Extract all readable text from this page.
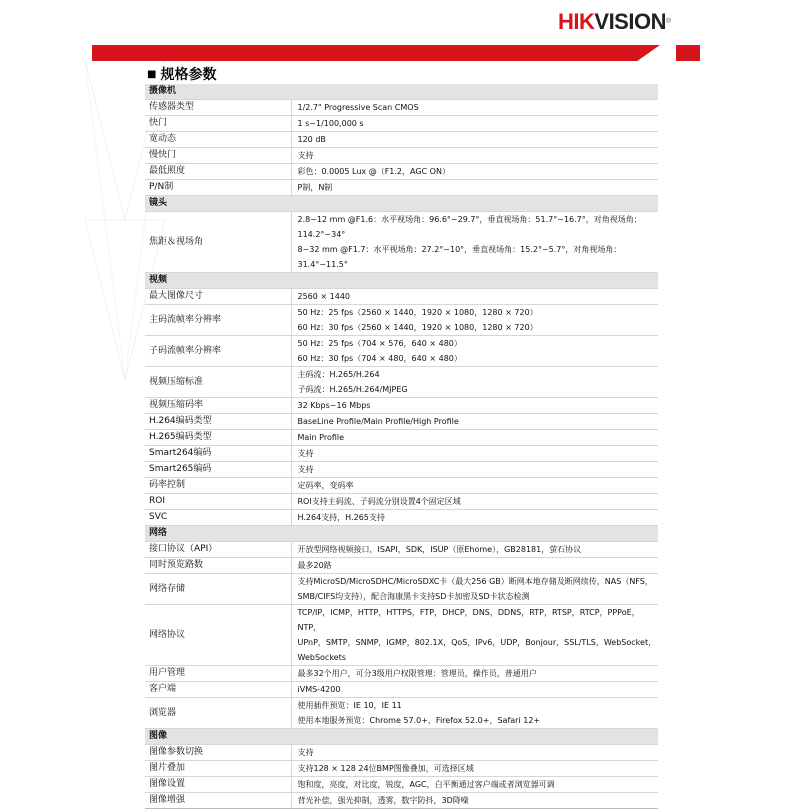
HIKVISION®
■ 规格参数
摄像机	
传感器类型	1/2.7" Progressive Scan CMOS
快门	1 s~1/100,000 s
宽动态	120 dB
慢快门	支持
最低照度	彩色：0.0005 Lux @（F1.2，AGC ON）
P/N制	P制，N制
镜头	
焦距＆视场角	2.8~12 mm @F1.6：水平视场角：96.6°~29.7°，垂直视场角：51.7°~16.7°，对角视场角：
	114.2°~34°
	8~32 mm @F1.7：水平视场角：27.2°~10°，垂直视场角：15.2°~5.7°，对角视场角：31.4°~11.5°
视频	
最大图像尺寸	2560 × 1440
主码流帧率分辨率	50 Hz：25 fps（2560 × 1440，1920 × 1080，1280 × 720）
	60 Hz：30 fps（2560 × 1440，1920 × 1080，1280 × 720）
子码流帧率分辨率	50 Hz：25 fps（704 × 576，640 × 480）
	60 Hz：30 fps（704 × 480，640 × 480）
视频压缩标准	主码流：H.265/H.264
	子码流：H.265/H.264/MJPEG
视频压缩码率	32 Kbps~16 Mbps
H.264编码类型	BaseLine Profile/Main Profile/High Profile
H.265编码类型	Main Profile
Smart264编码	支持
Smart265编码	支持
码率控制	定码率，变码率
ROI	ROI支持主码流、子码流分别设置4个固定区域
SVC	H.264支持，H.265支持
网络	
接口协议（API）	开放型网络视频接口，ISAPI，SDK，ISUP（原Ehome），GB28181，萤石协议
同时预览路数	最多20路
网络存储	支持MicroSD/MicroSDHC/MicroSDXC卡（最大256 GB）断网本地存储及断网续传，NAS（NFS，
	SMB/CIFS均支持），配合海康黑卡支持SD卡加密及SD卡状态检测
网络协议	TCP/IP，ICMP，HTTP，HTTPS，FTP，DHCP，DNS，DDNS，RTP，RTSP，RTCP，PPPoE，NTP，
	UPnP，SMTP，SNMP，IGMP，802.1X，QoS，IPv6，UDP，Bonjour，SSL/TLS，WebSocket，
	WebSockets
用户管理	最多32个用户，可分3级用户权限管理：管理员，操作员，普通用户
客户端	iVMS-4200
浏览器	使用插件预览：IE 10，IE 11
	使用本地服务预览：Chrome 57.0+，Firefox 52.0+，Safari 12+
图像	
图像参数切换	支持
图片叠加	支持128 × 128 24位BMP图像叠加，可选择区域
图像设置	饱和度，亮度，对比度，锐度，AGC，白平衡通过客户端或者浏览器可调
图像增强	背光补偿，强光抑制，透雾，数字防抖，3D降噪
